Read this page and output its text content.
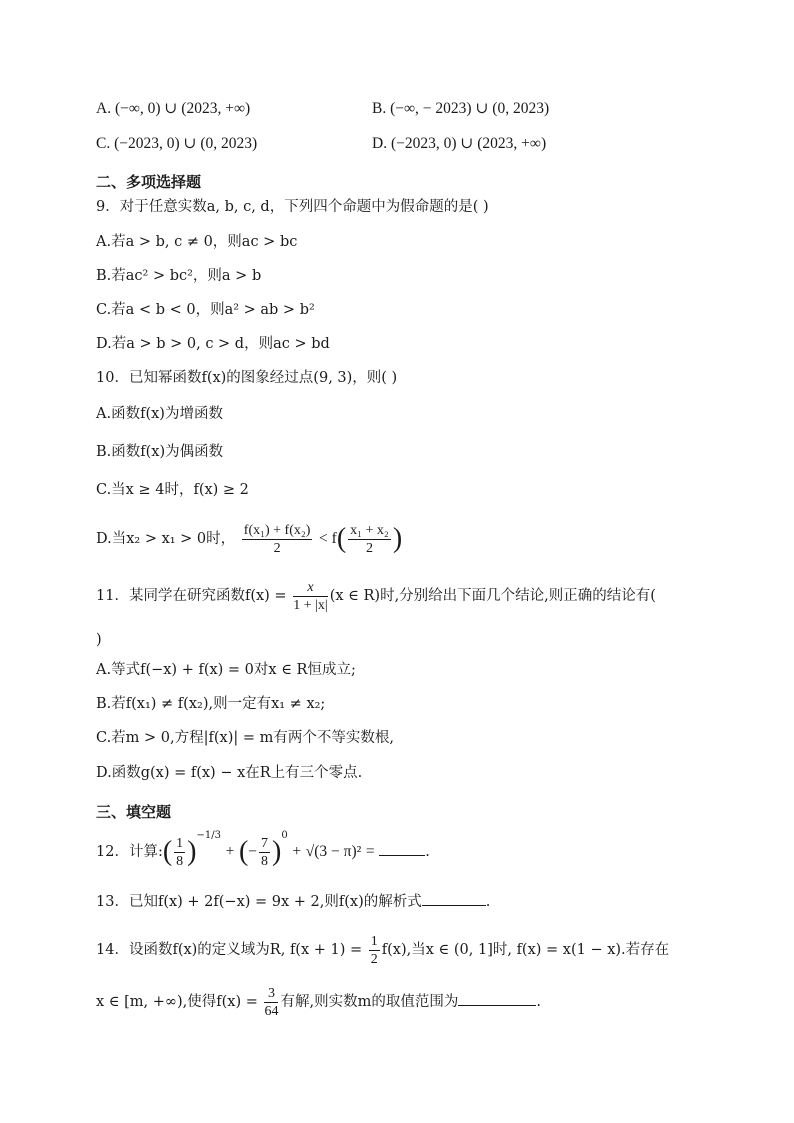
A. (−∞, 0) ∪ (2023, +∞)	B. (−∞, − 2023) ∪ (0, 2023)
C. (−2023, 0) ∪ (0, 2023)	D. (−2023, 0) ∪ (2023, +∞)
二、多项选择题
9．对于任意实数a, b, c, d，下列四个命题中为假命题的是( )
A.若a > b, c ≠ 0，则ac > bc
B.若ac² > bc²，则a > b
C.若a < b < 0，则a² > ab > b²
D.若a > b > 0, c > d，则ac > bd
10．已知幂函数f(x)的图象经过点(9, 3)，则( )
A.函数f(x)为增函数
B.函数f(x)为偶函数
C.当x ≥ 4时，f(x) ≥ 2
D.当x₂ > x₁ > 0时， $\frac{\text{f(x₁) + f(x₂)}}{2} < f( \frac{\text{x₁ + x₂}}{2}$ )
11．某同学在研究函数$f(x) = \frac{x}{1 + |x|} (x$ ∈ R)时,分别给出下面几个结论,则正确的结论有(
)
A.等式f(−x) + f(x) = 0对x ∈ R恒成立;
B.若f(x₁) ≠ f(x₂),则一定有x₁ ≠ x₂;
C.若m > 0,方程|f(x)| = m有两个不等实数根,
D.函数g(x) = f(x) − x在R上有三个零点.
三、填空题
12．计算:( $\frac{1}{8} )^{-1/3}$ + (− $\frac{7}{8} )^0 + √(3 - \pi)^2$ =	.
13．已知f(x) + 2f(−x) = 9x + 2,则f(x)的解析式	.
14．设函数f(x)的定义域为R, $f(x + 1) = \frac{1}{2} f(x)$,当x ∈ (0, 1]时, f(x) = x(1 − x).若存在
x ∈ [m, +∞),使得$f(x) = \frac{3}{64}$ 有解,则实数m的取值范围为	.
